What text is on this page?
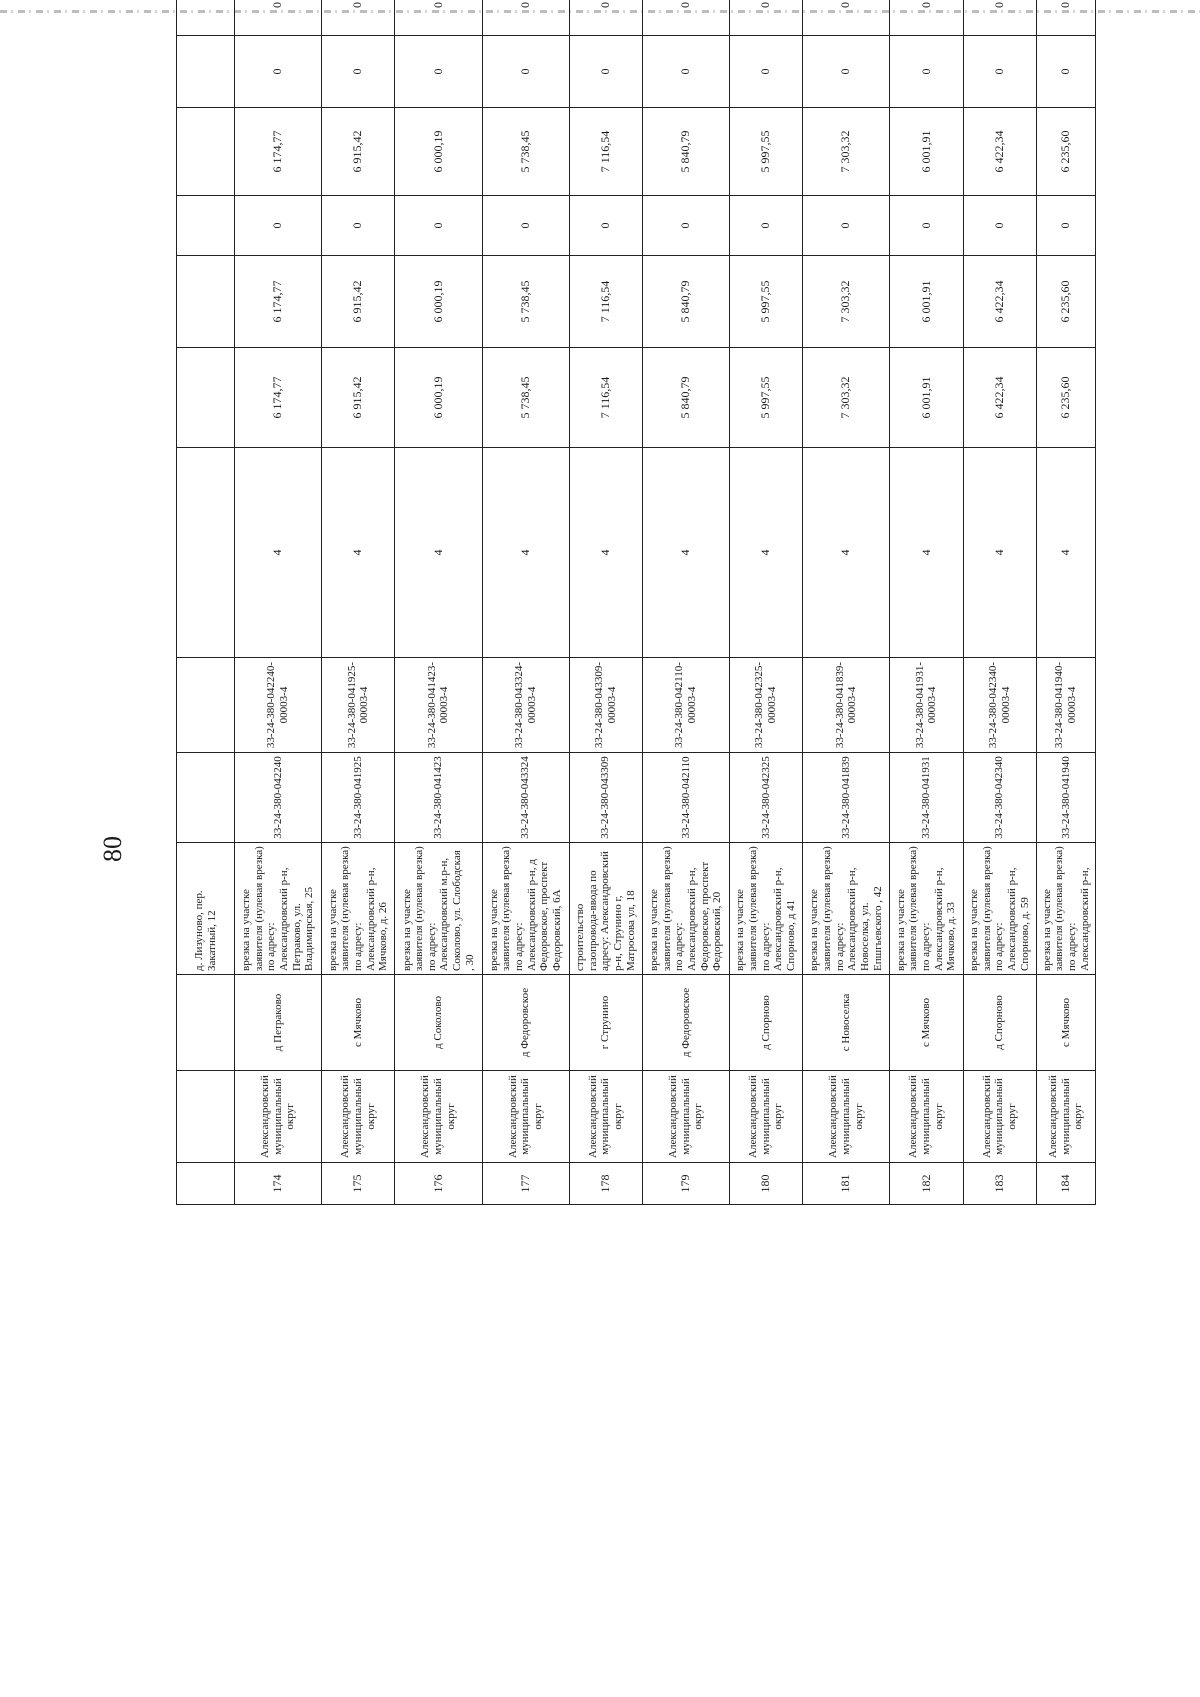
80
			д. Лизуново, пер. Закатный, 12									
174	Александровский муниципальный округ	д Петраково	врезка на участке заявителя (нулевая врезка) по адресу: Александровский р-н, Петраково, ул. Владимирская, 25	33-24-380-042240	33-24-380-042240-00003-4	4	6 174,77	6 174,77	0	6 174,77	0	0
175	Александровский муниципальный округ	с Мячково	врезка на участке заявителя (нулевая врезка) по адресу: Александровский р-н, Мячково, д. 26	33-24-380-041925	33-24-380-041925-00003-4	4	6 915,42	6 915,42	0	6 915,42	0	0
176	Александровский муниципальный округ	д Соколово	врезка на участке заявителя (нулевая врезка) по адресу: Александровский м.р-н, Соколово, ул. Слободская , 30	33-24-380-041423	33-24-380-041423-00003-4	4	6 000,19	6 000,19	0	6 000,19	0	0
177	Александровский муниципальный округ	д Федоровское	врезка на участке заявителя (нулевая врезка) по адресу: Александровский р-н, д Федоровское, проспект Федоровский, 6А	33-24-380-043324	33-24-380-043324-00003-4	4	5 738,45	5 738,45	0	5 738,45	0	0
178	Александровский муниципальный округ	г Струнино	строительство газопровода-ввода по адресу: Александровский р-н, Струнино г, Матросова ул, 18	33-24-380-043309	33-24-380-043309-00003-4	4	7 116,54	7 116,54	0	7 116,54	0	0
179	Александровский муниципальный округ	д Федоровское	врезка на участке заявителя (нулевая врезка) по адресу: Александровский р-н, Федоровское, проспект Федоровский, 20	33-24-380-042110	33-24-380-042110-00003-4	4	5 840,79	5 840,79	0	5 840,79	0	0
180	Александровский муниципальный округ	д Спорново	врезка на участке заявителя (нулевая врезка) по адресу: Александровский р-н, Спорново, д 41	33-24-380-042325	33-24-380-042325-00003-4	4	5 997,55	5 997,55	0	5 997,55	0	0
181	Александровский муниципальный округ	с Новоселка	врезка на участке заявителя (нулевая врезка) по адресу: Александровский р-н, Новоселка, ул. Епшгьевского , 42	33-24-380-041839	33-24-380-041839-00003-4	4	7 303,32	7 303,32	0	7 303,32	0	0
182	Александровский муниципальный округ	с Мячково	врезка на участке заявителя (нулевая врезка) по адресу: Александровский р-н, Мячково, д. 33	33-24-380-041931	33-24-380-041931-00003-4	4	6 001,91	6 001,91	0	6 001,91	0	0
183	Александровский муниципальный округ	д Спорново	врезка на участке заявителя (нулевая врезка) по адресу: Александровский р-н, Спорново, д. 59	33-24-380-042340	33-24-380-042340-00003-4	4	6 422,34	6 422,34	0	6 422,34	0	0
184	Александровский муниципальный округ	с Мячково	врезка на участке заявителя (нулевая врезка) по адресу: Александровский р-н,	33-24-380-041940	33-24-380-041940-00003-4	4	6 235,60	6 235,60	0	6 235,60	0	0
